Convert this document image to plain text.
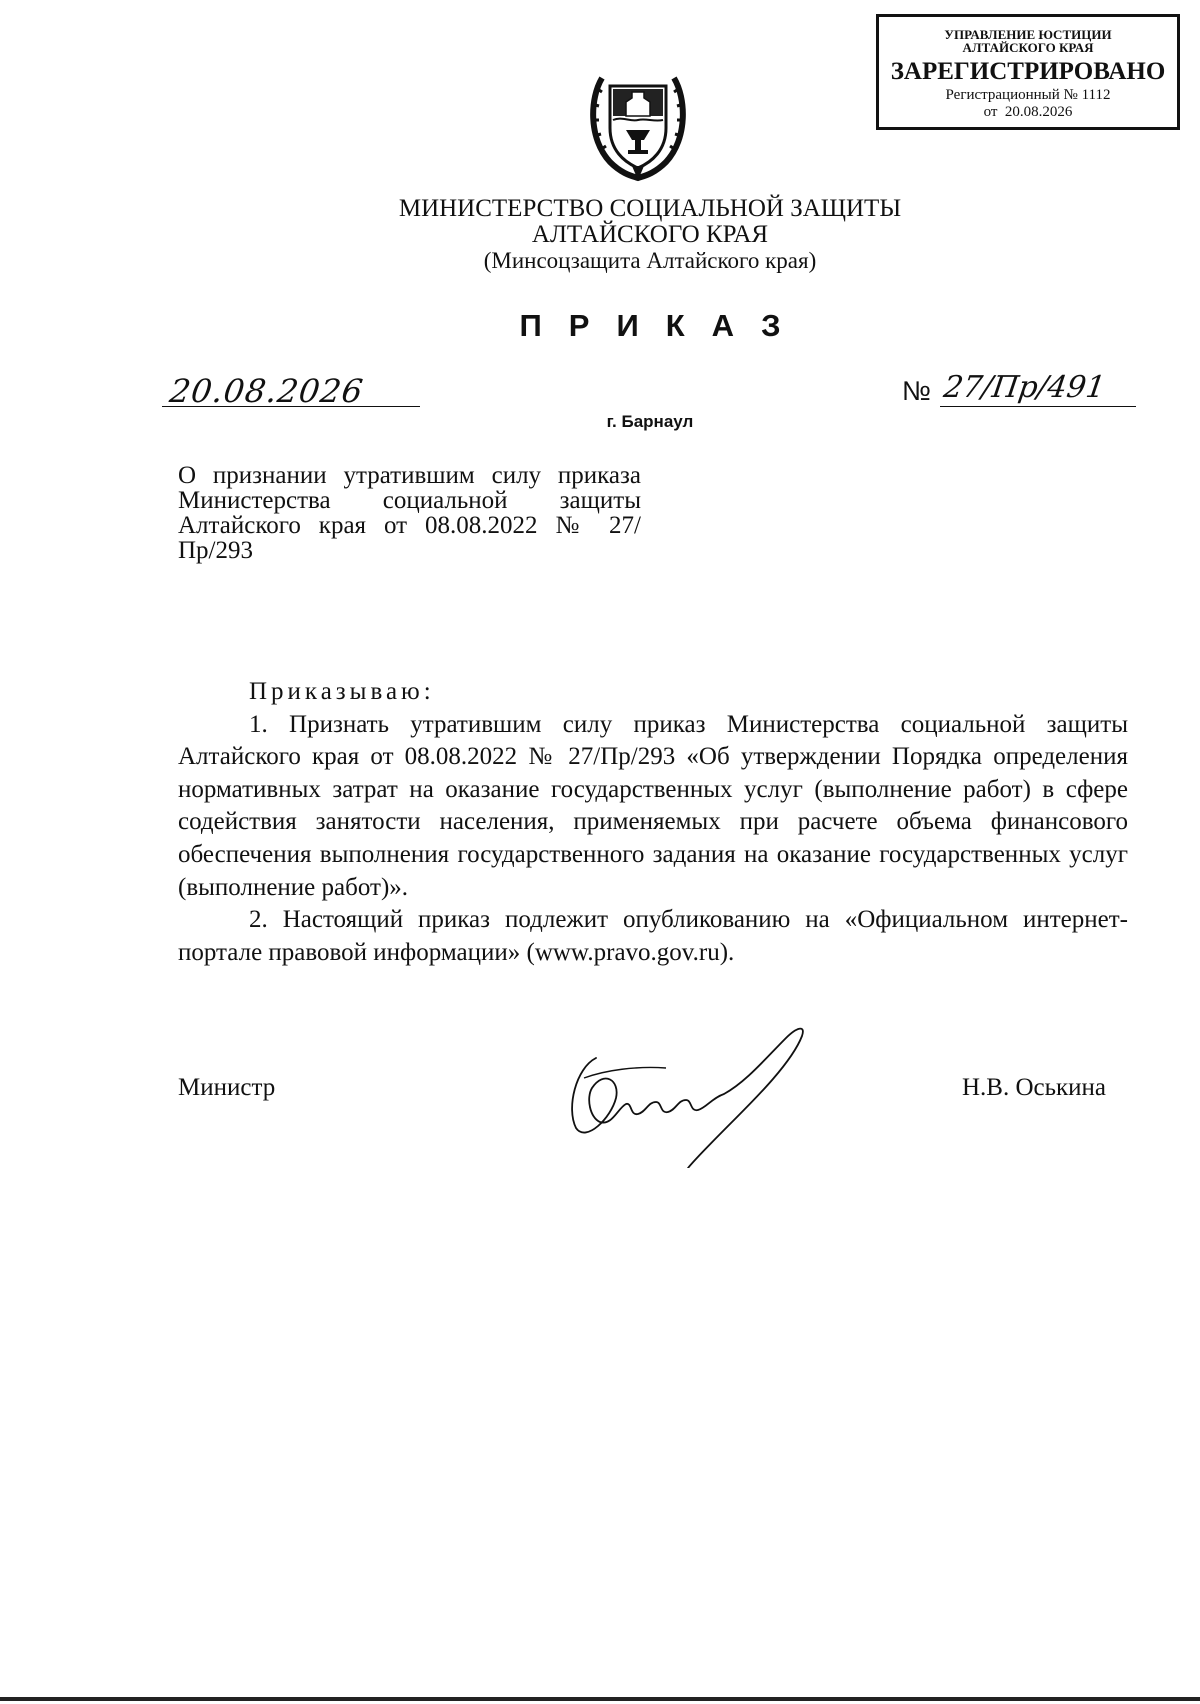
УПРАВЛЕНИЕ ЮСТИЦИИ
АЛТАЙСКОГО КРАЯ
ЗАРЕГИСТРИРОВАНО
Регистрационный № 1112
от  20.08.2026
МИНИСТЕРСТВО СОЦИАЛЬНОЙ ЗАЩИТЫ
АЛТАЙСКОГО КРАЯ
(Минсоцзащита Алтайского края)
ПРИКАЗ
20.08.2026	№ 27/Пр/491
г. Барнаул
О признании утратившим силу приказа Министерства социальной защиты Алтайского края от 08.08.2022 № 27/Пр/293

Приказываю:

1. Признать утратившим силу приказ Министерства социальной защиты Алтайского края от 08.08.2022 № 27/Пр/293 «Об утверждении Порядка определения нормативных затрат на оказание государственных услуг (выполнение работ) в сфере содействия занятости населения, применяемых при расчете объема финансового обеспечения выполнения государственного задания на оказание государственных услуг (выполнение работ)».

2. Настоящий приказ подлежит опубликованию на «Официальном интернет-портале правовой информации» (www.pravo.gov.ru).

Министр	Н.В. Оськина
